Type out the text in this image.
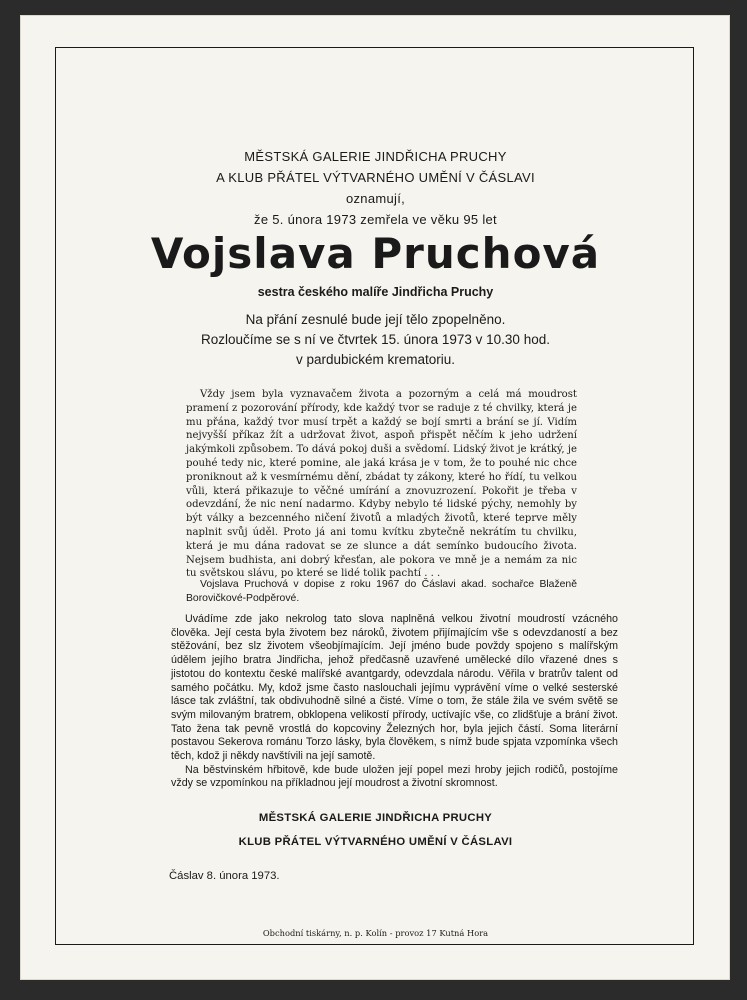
MĚSTSKÁ GALERIE JINDŘICHA PRUCHY
A KLUB PŘÁTEL VÝTVARNÉHO UMĚNÍ V ČÁSLAVI
oznamují,
že 5. února 1973 zemřela ve věku 95 let
Vojslava Pruchová
sestra českého malíře Jindřicha Pruchy
Na přání zesnulé bude její tělo zpopelněno.
Rozloučíme se s ní ve čtvrtek 15. února 1973 v 10.30 hod.
v pardubickém krematoriu.

Vždy jsem byla vyznavačem života a pozorným a celá má moudrost pramení z pozorování přírody, kde každý tvor se raduje z té chvilky, která je mu přána, každý tvor musí trpět a každý se bojí smrti a brání se jí. Vidím nejvyšší příkaz žít a udržovat život, aspoň přispět něčím k jeho udržení jakýmkoli způsobem. To dává pokoj duši a svědomí. Lidský život je krátký, je pouhé tedy nic, které pomine, ale jaká krása je v tom, že to pouhé nic chce proniknout až k vesmírnému dění, zbádat ty zákony, které ho řídí, tu velkou vůli, která přikazuje to věčné umírání a znovuzrození. Pokořit je třeba v odevzdání, že nic není nadarmo. Kdyby nebylo té lidské pýchy, nemohly by být války a bezcenného ničení životů a mladých životů, které teprve měly naplnit svůj úděl. Proto já ani tomu kvítku zbytečně nekrátím tu chvilku, která je mu dána radovat se ze slunce a dát semínko budoucího života. Nejsem budhista, ani dobrý křesťan, ale pokora ve mně je a nemám za nic tu světskou slávu, po které se lidé tolik pachtí . . .

Vojslava Pruchová v dopise z roku 1967 do Čáslavi akad. sochařce Blaženě Borovičkové-Podpěrové.

Uvádíme zde jako nekrolog tato slova naplněná velkou životní moudrostí vzácného člověka. Její cesta byla životem bez nároků, životem přijímajícím vše s odevzdaností a bez stěžování, bez slz životem všeobjímajícím. Její jméno bude povždy spojeno s malířským údělem jejího bratra Jindřicha, jehož předčasně uzavřené umělecké dílo vřazené dnes s jistotou do kontextu české malířské avantgardy, odevzdala národu. Věřila v bratrův talent od samého počátku. My, kdož jsme často naslouchali jejímu vyprávění víme o velké sesterské lásce tak zvláštní, tak obdivuhodně silné a čisté. Víme o tom, že stále žila ve svém světě se svým milovaným bratrem, obklopena velikostí přírody, uctívajíc vše, co zlidšťuje a brání život. Tato žena tak pevně vrostlá do kopcoviny Železných hor, byla jejich částí. Soma literární postavou Sekerova románu Torzo lásky, byla člověkem, s nímž bude spjata vzpomínka všech těch, kdož ji někdy navštívili na její samotě.

Na běstvinském hřbitově, kde bude uložen její popel mezi hroby jejich rodičů, postojíme vždy se vzpomínkou na příkladnou její moudrost a životní skromnost.

MĚSTSKÁ GALERIE JINDŘICHA PRUCHY
KLUB PŘÁTEL VÝTVARNÉHO UMĚNÍ V ČÁSLAVI
Čáslav 8. února 1973.
Obchodní tiskárny, n. p. Kolín - provoz 17 Kutná Hora
